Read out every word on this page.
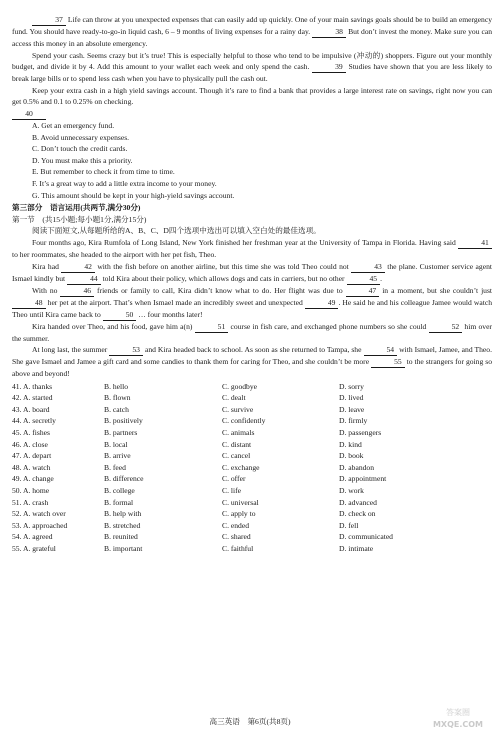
37 Life can throw at you unexpected expenses that can easily add up quickly. One of your main savings goals should be to build an emergency fund. You should have ready-to-go-in liquid cash, 6 – 9 months of living expenses for a rainy day.	38 But don’t invest the money. Make sure you can access this money in an absolute emergency.

Spend your cash. Seems crazy but it’s true! This is especially helpful to those who tend to be impulsive (冲动的) shoppers. Figure out your monthly budget, and divide it by 4. Add this amount to your wallet each week and only spend the cash.	39 Studies have shown that you are less likely to break large bills or to spend less cash when you have to physically pull the cash out.

Keep your extra cash in a high yield savings account. Though it’s rare to find a bank that provides a large interest rate on savings, right now you can get 0.5% and 0.1 to 0.25% on checking.

40

A. Get an emergency fund.

B. Avoid unnecessary expenses.

C. Don’t touch the credit cards.

D. You must make this a priority.

E. But remember to check it from time to time.

F. It’s a great way to add a little extra income to your money.

G. This amount should be kept in your high-yield savings account.

第三部分　语言运用(共两节,满分30分)

第一节　(共15小题;每小题1分,满分15分)

阅读下面短文,从每题所给的A、B、C、D四个选项中选出可以填入空白处的最佳选项。

Four months ago, Kira Rumfola of Long Island, New York finished her freshman year at the University of Tampa in Florida. Having said	41 to her roommates, she headed to the airport with her pet fish, Theo.

Kira had	42 with the fish before on another airline, but this time she was told Theo could not	43 the plane. Customer service agent Ismael kindly but	44 told Kira about their policy, which allows dogs and cats in carriers, but no other	45 .

With no	46 friends or family to call, Kira didn’t know what to do. Her flight was due to	47 in a moment, but she couldn’t just 48 her pet at the airport. That’s when Ismael made an incredibly sweet and unexpected	49 . He said he and his colleague Jamee would watch Theo until Kira came back to	50 … four months later!

Kira handed over Theo, and his food, gave him a(n)	51 course in fish care, and exchanged phone numbers so she could	52 him over the summer.

At long last, the summer	53 and Kira headed back to school. As soon as she returned to Tampa, she	54 with Ismael, Jamee, and Theo. She gave Ismael and Jamee a gift card and some candies to thank them for caring for Theo, and she couldn’t be more	55 to the strangers for going so above and beyond!

41. A. thanks	B. hello	C. goodbye	D. sorry
42. A. started	B. flown	C. dealt	D. lived
43. A. board	B. catch	C. survive	D. leave
44. A. secretly	B. positively	C. confidently	D. firmly
45. A. fishes	B. partners	C. animals	D. passengers
46. A. close	B. local	C. distant	D. kind
47. A. depart	B. arrive	C. cancel	D. book
48. A. watch	B. feed	C. exchange	D. abandon
49. A. change	B. difference	C. offer	D. appointment
50. A. home	B. college	C. life	D. work
51. A. crash	B. formal	C. universal	D. advanced
52. A. watch over	B. help with	C. apply to	D. check on
53. A. approached	B. stretched	C. ended	D. fell
54. A. agreed	B. reunited	C. shared	D. communicated
55. A. grateful	B. important	C. faithful	D. intimate
高三英语　第6页(共8页)
答案圈
MXQE.COM
